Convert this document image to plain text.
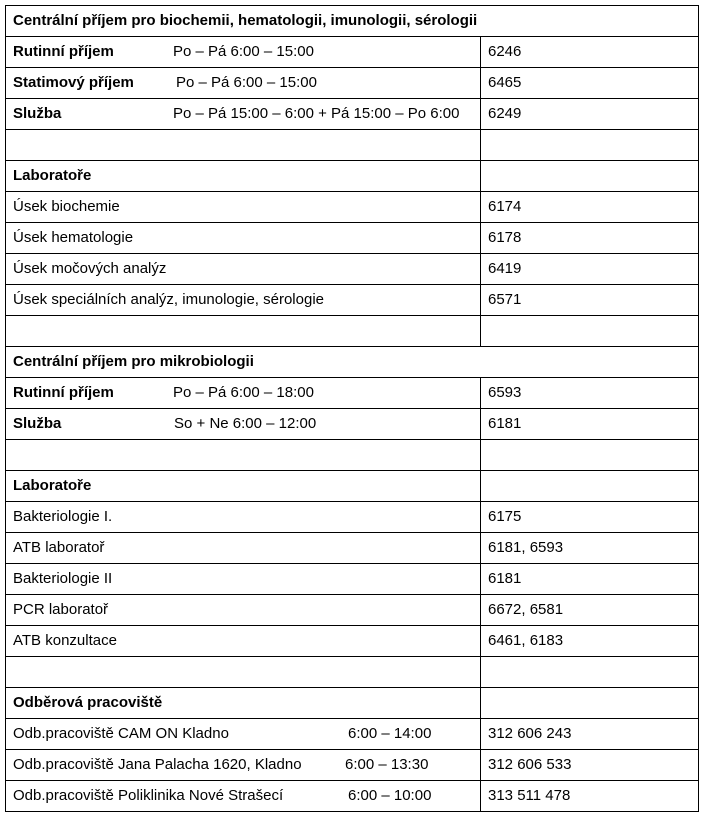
Centrální příjem pro biochemii, hematologii, imunologii, sérologii	
Rutinní příjem Po – Pá 6:00 – 15:00	6246
Statimový příjem Po – Pá 6:00 – 15:00	6465
Služba Po – Pá 15:00 – 6:00 + Pá 15:00 – Po 6:00	6249

Laboratoře	
Úsek biochemie	6174
Úsek hematologie	6178
Úsek močových analýz	6419
Úsek speciálních analýz, imunologie, sérologie	6571

Centrální příjem pro mikrobiologii	
Rutinní příjem Po – Pá 6:00 – 18:00	6593
Služba So + Ne 6:00 – 12:00	6181

Laboratoře	
Bakteriologie I.	6175
ATB laboratoř	6181, 6593
Bakteriologie II	6181
PCR laboratoř	6672, 6581
ATB konzultace	6461, 6183

Odběrová pracoviště	
Odb.pracoviště CAM ON Kladno 6:00 – 14:00	312 606 243
Odb.pracoviště Jana Palacha 1620, Kladno 6:00 – 13:30	312 606 533
Odb.pracoviště Poliklinika Nové Strašecí 6:00 – 10:00	313 511 478
